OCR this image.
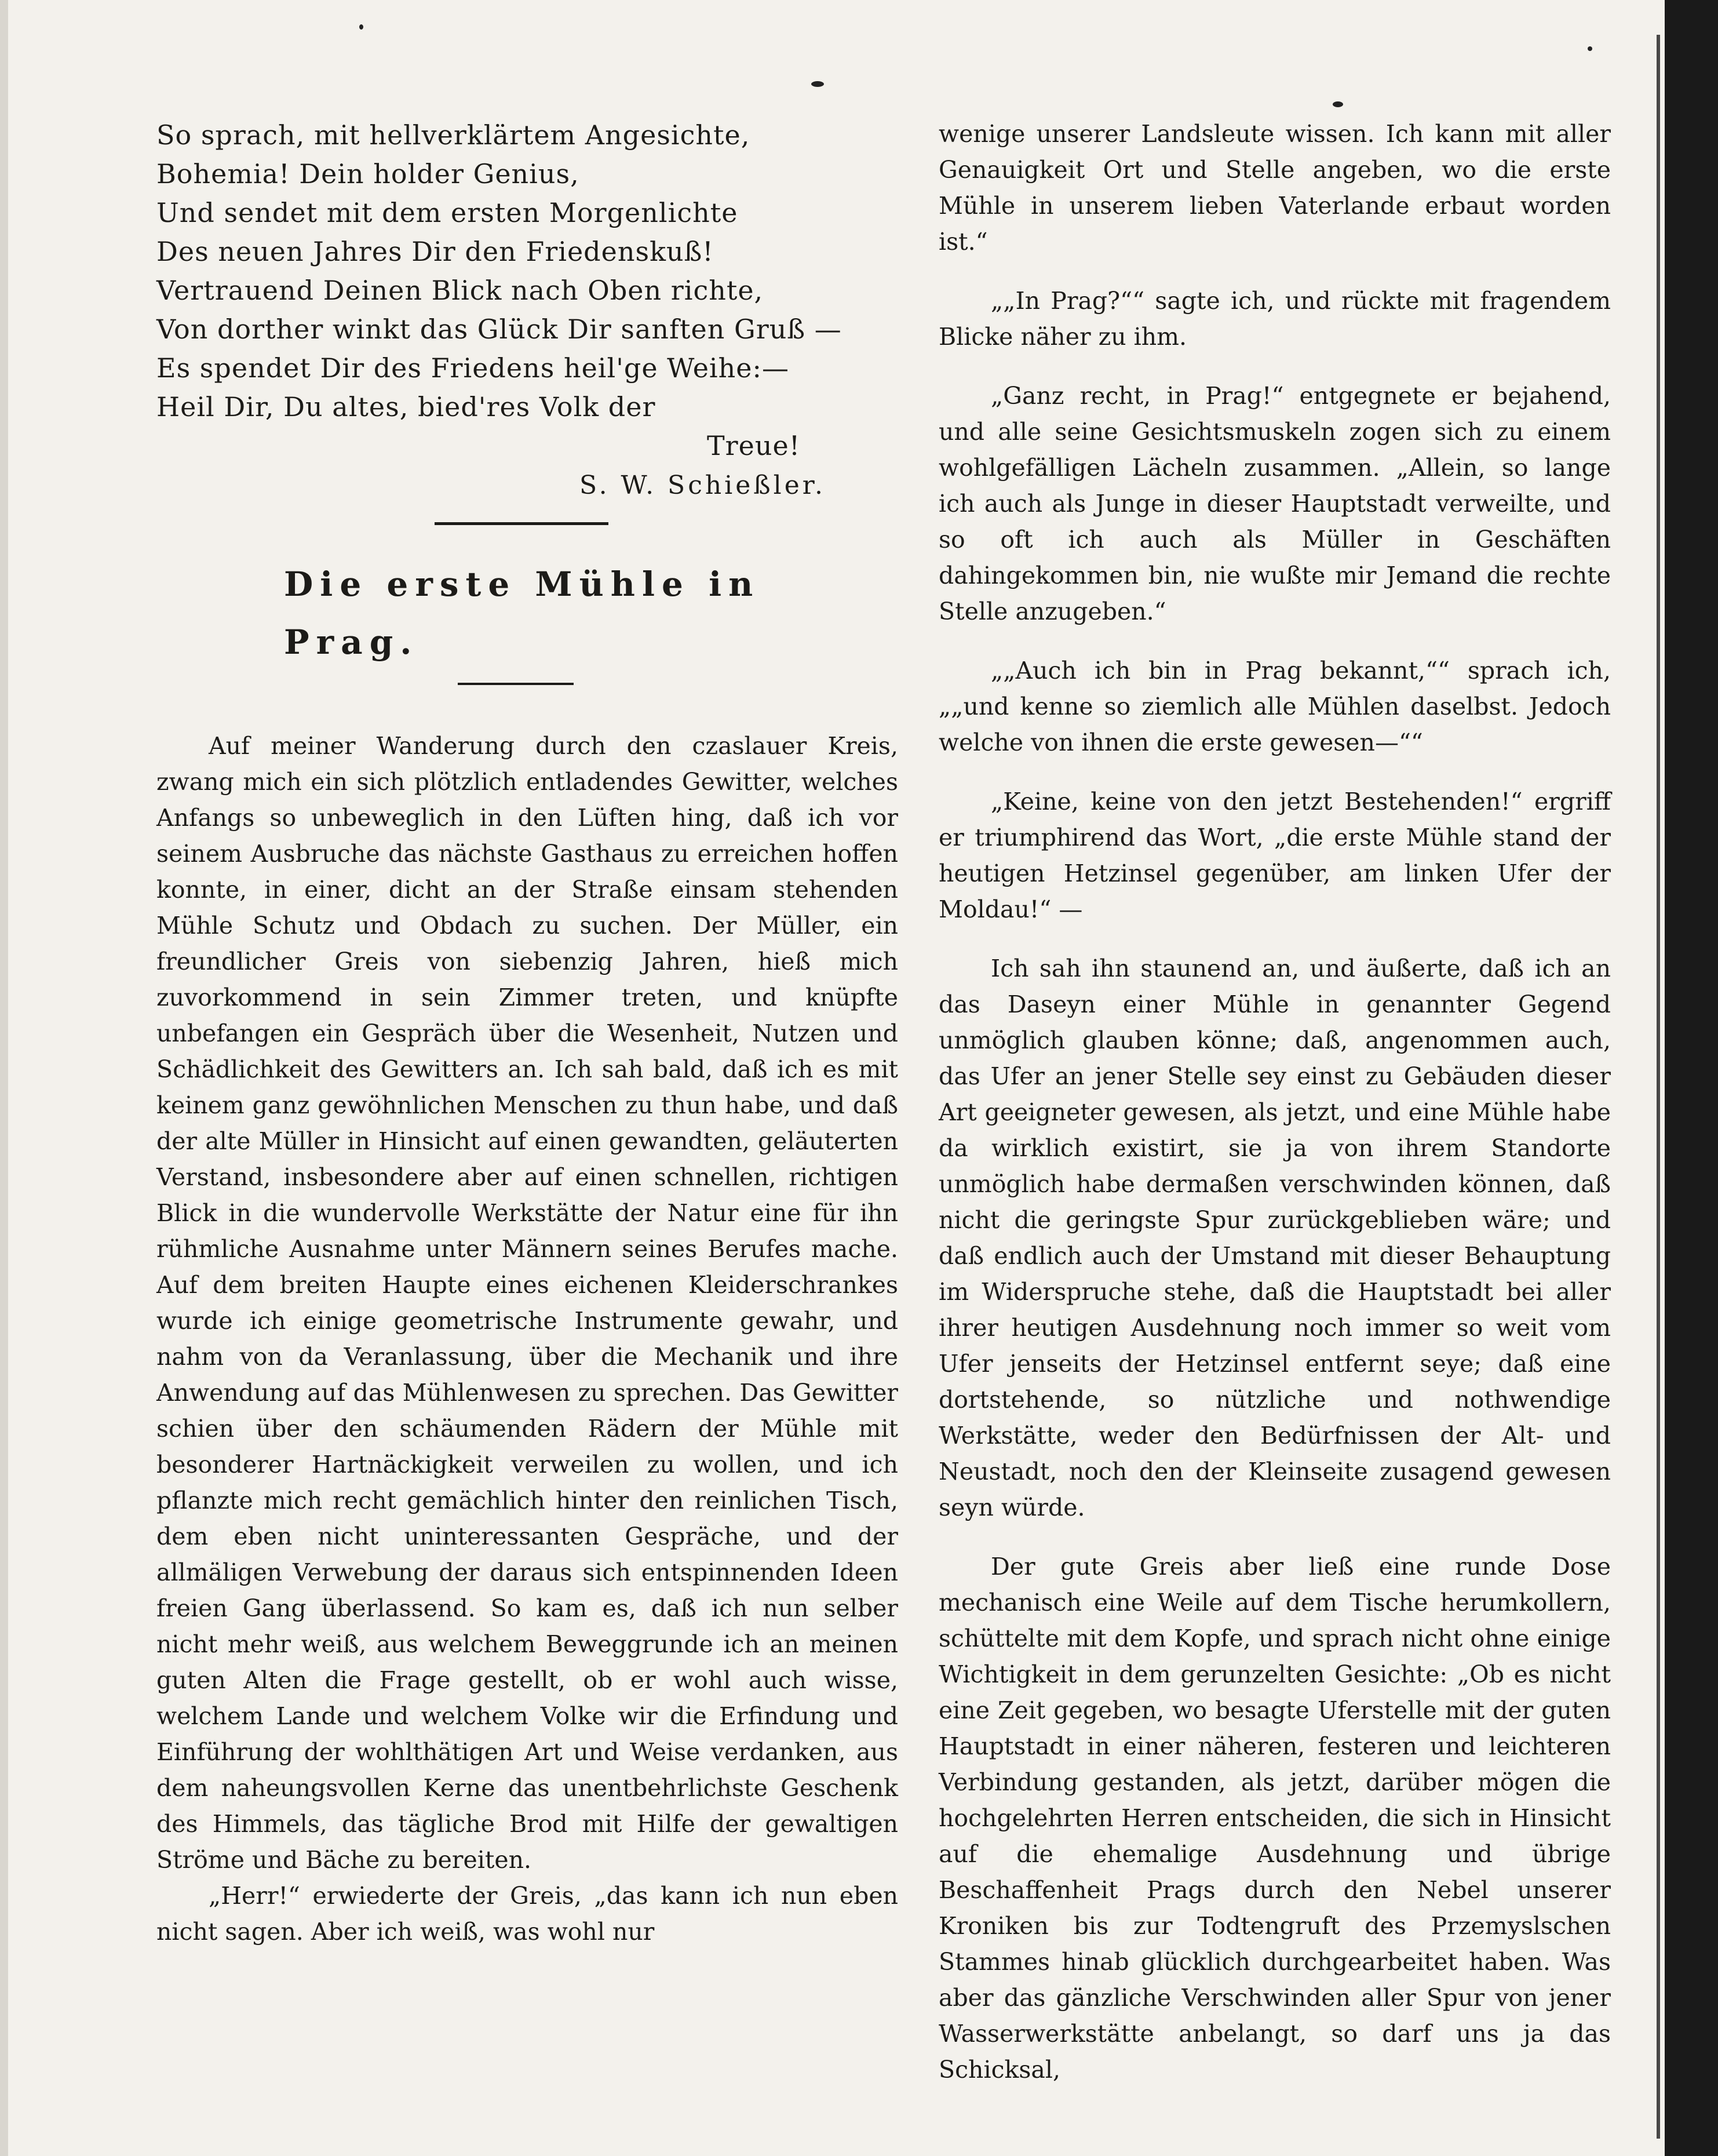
So sprach, mit hellverklärtem Angesichte,
Bohemia! Dein holder Genius,
Und sendet mit dem ersten Morgenlichte
Des neuen Jahres Dir den Friedenskuß!
Vertrauend Deinen Blick nach Oben richte,
Von dorther winkt das Glück Dir sanften Gruß —
Es spendet Dir des Friedens heil'ge Weihe:—
Heil Dir, Du altes, bied'res Volk der
Treue!
S. W. Schießler.
Die erste Mühle in Prag.

Auf meiner Wanderung durch den czaslauer Kreis, zwang mich ein sich plötzlich entladendes Gewitter, welches Anfangs so unbeweglich in den Lüften hing, daß ich vor seinem Ausbruche das nächste Gasthaus zu erreichen hoffen konnte, in einer, dicht an der Straße einsam stehenden Mühle Schutz und Obdach zu suchen. Der Müller, ein freundlicher Greis von siebenzig Jahren, hieß mich zuvorkommend in sein Zimmer treten, und knüpfte unbefangen ein Gespräch über die Wesenheit, Nutzen und Schädlichkeit des Gewitters an. Ich sah bald, daß ich es mit keinem ganz gewöhnlichen Menschen zu thun habe, und daß der alte Müller in Hinsicht auf einen gewandten, geläuterten Verstand, insbesondere aber auf einen schnellen, richtigen Blick in die wundervolle Werkstätte der Natur eine für ihn rühmliche Ausnahme unter Männern seines Berufes mache. Auf dem breiten Haupte eines eichenen Kleiderschrankes wurde ich einige geometrische Instrumente gewahr, und nahm von da Veranlassung, über die Mechanik und ihre Anwendung auf das Mühlenwesen zu sprechen. Das Gewitter schien über den schäumenden Rädern der Mühle mit besonderer Hartnäckigkeit verweilen zu wollen, und ich pflanzte mich recht gemächlich hinter den reinlichen Tisch, dem eben nicht uninteressanten Gespräche, und der allmäligen Verwebung der daraus sich entspinnenden Ideen freien Gang überlassend. So kam es, daß ich nun selber nicht mehr weiß, aus welchem Beweggrunde ich an meinen guten Alten die Frage gestellt, ob er wohl auch wisse, welchem Lande und welchem Volke wir die Erfindung und Einführung der wohlthätigen Art und Weise verdanken, aus dem naheungsvollen Kerne das unentbehrlichste Geschenk des Himmels, das tägliche Brod mit Hilfe der gewaltigen Ströme und Bäche zu bereiten.

„Herr!“ erwiederte der Greis, „das kann ich nun eben nicht sagen. Aber ich weiß, was wohl nur

wenige unserer Landsleute wissen. Ich kann mit aller Genauigkeit Ort und Stelle angeben, wo die erste Mühle in unserem lieben Vaterlande erbaut worden ist.“

„„In Prag?““ sagte ich, und rückte mit fragendem Blicke näher zu ihm.

„Ganz recht, in Prag!“ entgegnete er bejahend, und alle seine Gesichtsmuskeln zogen sich zu einem wohlgefälligen Lächeln zusammen. „Allein, so lange ich auch als Junge in dieser Hauptstadt verweilte, und so oft ich auch als Müller in Geschäften dahingekommen bin, nie wußte mir Jemand die rechte Stelle anzugeben.“

„„Auch ich bin in Prag bekannt,““ sprach ich, „„und kenne so ziemlich alle Mühlen daselbst. Jedoch welche von ihnen die erste gewesen—““

„Keine, keine von den jetzt Bestehenden!“ ergriff er triumphirend das Wort, „die erste Mühle stand der heutigen Hetzinsel gegenüber, am linken Ufer der Moldau!“ —

Ich sah ihn staunend an, und äußerte, daß ich an das Daseyn einer Mühle in genannter Gegend unmöglich glauben könne; daß, angenommen auch, das Ufer an jener Stelle sey einst zu Gebäuden dieser Art geeigneter gewesen, als jetzt, und eine Mühle habe da wirklich existirt, sie ja von ihrem Standorte unmöglich habe dermaßen verschwinden können, daß nicht die geringste Spur zurückgeblieben wäre; und daß endlich auch der Umstand mit dieser Behauptung im Widerspruche stehe, daß die Hauptstadt bei aller ihrer heutigen Ausdehnung noch immer so weit vom Ufer jenseits der Hetzinsel entfernt seye; daß eine dortstehende, so nützliche und nothwendige Werkstätte, weder den Bedürfnissen der Alt- und Neustadt, noch den der Kleinseite zusagend gewesen seyn würde.

Der gute Greis aber ließ eine runde Dose mechanisch eine Weile auf dem Tische herumkollern, schüttelte mit dem Kopfe, und sprach nicht ohne einige Wichtigkeit in dem gerunzelten Gesichte: „Ob es nicht eine Zeit gegeben, wo besagte Uferstelle mit der guten Hauptstadt in einer näheren, festeren und leichteren Verbindung gestanden, als jetzt, darüber mögen die hochgelehrten Herren entscheiden, die sich in Hinsicht auf die ehemalige Ausdehnung und übrige Beschaffenheit Prags durch den Nebel unserer Kroniken bis zur Todtengruft des Przemyslschen Stammes hinab glücklich durchgearbeitet haben. Was aber das gänzliche Verschwinden aller Spur von jener Wasserwerkstätte anbelangt, so darf uns ja das Schicksal,
